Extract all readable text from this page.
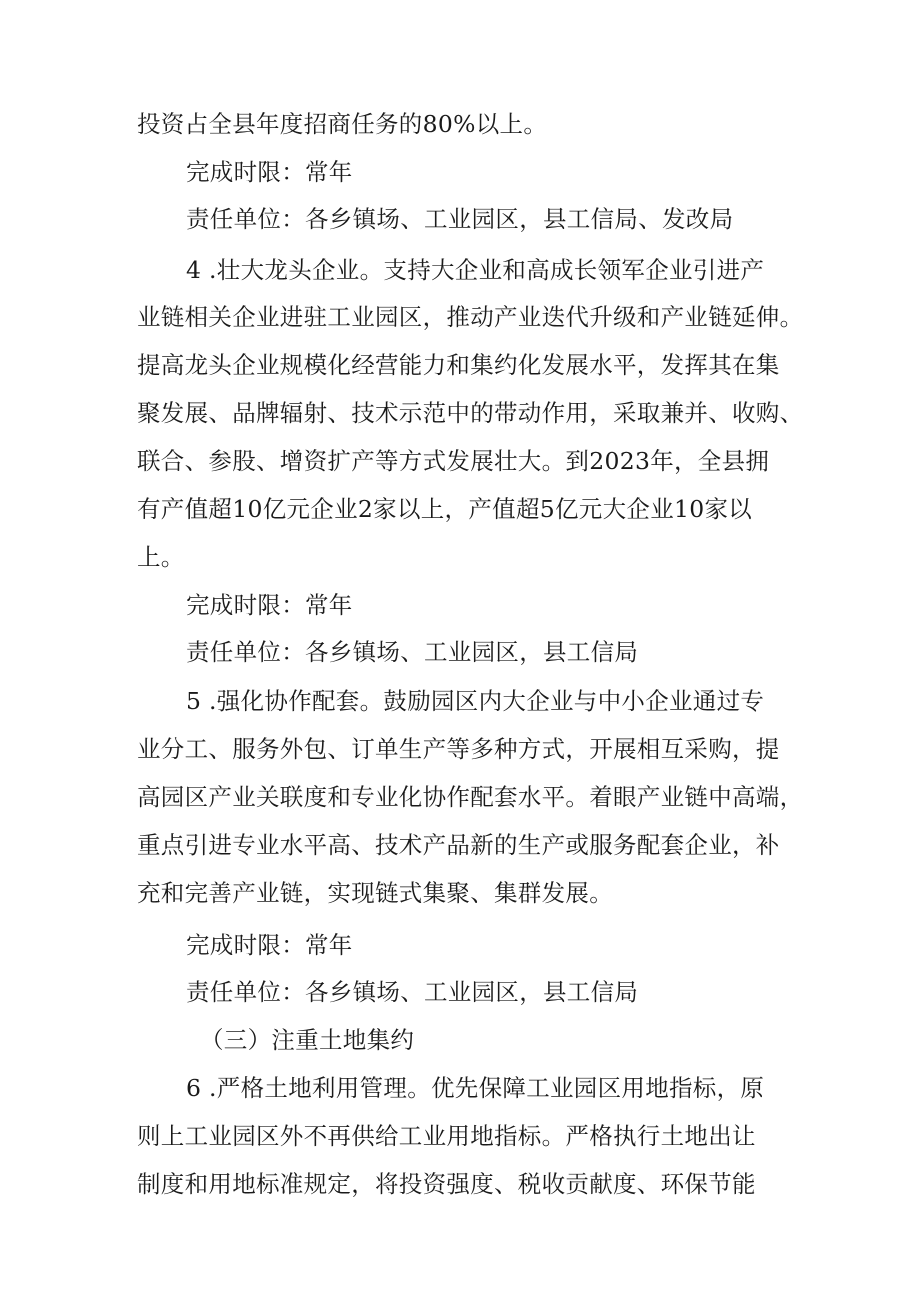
投资占全县年度招商任务的80%以上。
完成时限：常年
责任单位：各乡镇场、工业园区，县工信局、发改局
4 .壮大龙头企业。支持大企业和高成长领军企业引进产
业链相关企业进驻工业园区，推动产业迭代升级和产业链延伸。
提高龙头企业规模化经营能力和集约化发展水平，发挥其在集
聚发展、品牌辐射、技术示范中的带动作用，采取兼并、收购、
联合、参股、增资扩产等方式发展壮大。到2023年，全县拥
有产值超10亿元企业2家以上，产值超5亿元大企业10家以
上。
完成时限：常年
责任单位：各乡镇场、工业园区，县工信局
5 .强化协作配套。鼓励园区内大企业与中小企业通过专
业分工、服务外包、订单生产等多种方式，开展相互采购，提
高园区产业关联度和专业化协作配套水平。着眼产业链中高端，
重点引进专业水平高、技术产品新的生产或服务配套企业，补
充和完善产业链，实现链式集聚、集群发展。
完成时限：常年
责任单位：各乡镇场、工业园区，县工信局
（三）注重土地集约
6 .严格土地利用管理。优先保障工业园区用地指标，原
则上工业园区外不再供给工业用地指标。严格执行土地出让
制度和用地标准规定，将投资强度、税收贡献度、环保节能
